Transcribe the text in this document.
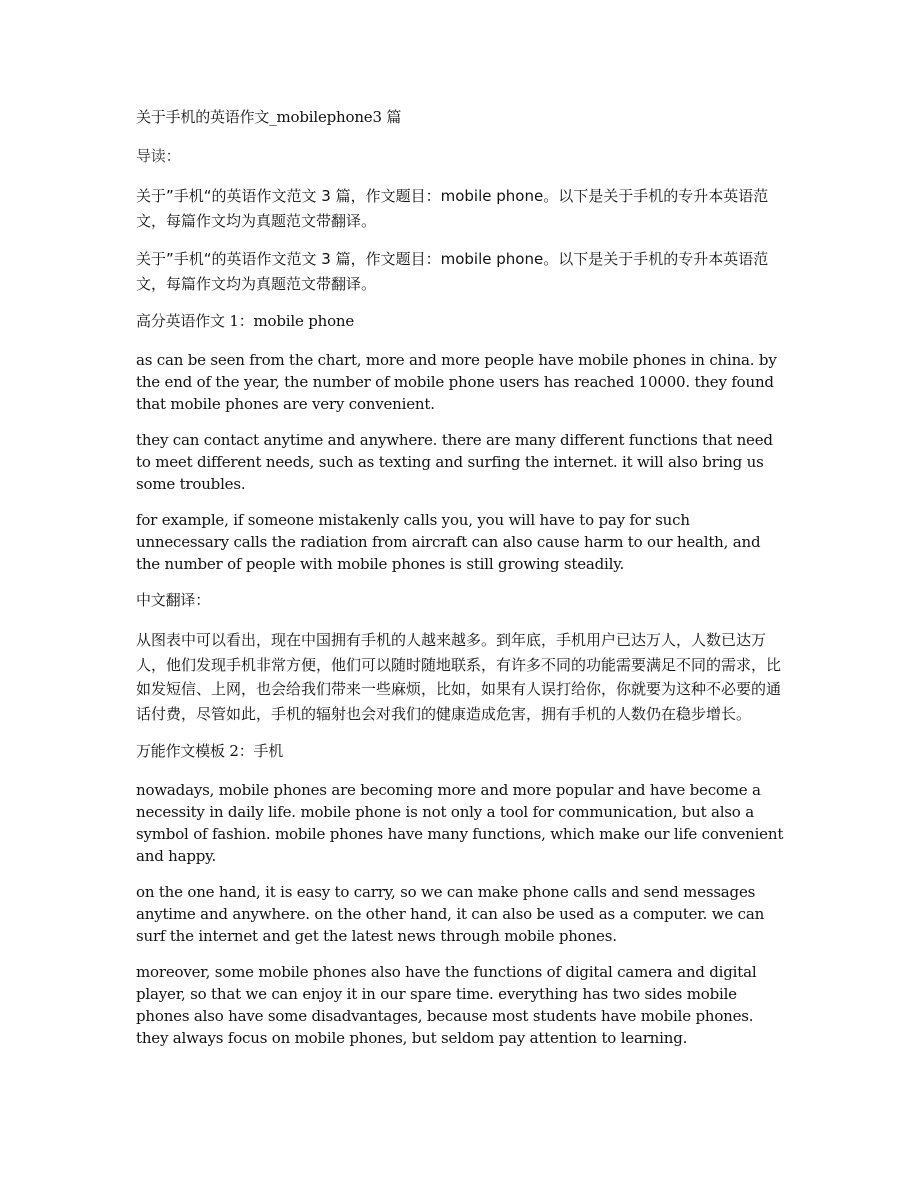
关于手机的英语作文_mobilephone3 篇

导读：

关于”手机“的英语作文范文 3 篇，作文题目：mobile phone。以下是关于手机的专升本英语范文，每篇作文均为真题范文带翻译。

关于”手机“的英语作文范文 3 篇，作文题目：mobile phone。以下是关于手机的专升本英语范文，每篇作文均为真题范文带翻译。

高分英语作文 1：mobile phone

as can be seen from the chart, more and more people have mobile phones in china. by the end of the year, the number of mobile phone users has reached 10000. they found that mobile phones are very convenient.

they can contact anytime and anywhere. there are many different functions that need to meet different needs, such as texting and surfing the internet. it will also bring us some troubles.

for example, if someone mistakenly calls you, you will have to pay for such unnecessary calls the radiation from aircraft can also cause harm to our health, and the number of people with mobile phones is still growing steadily.

中文翻译：

从图表中可以看出，现在中国拥有手机的人越来越多。到年底，手机用户已达万人，人数已达万人，他们发现手机非常方便，他们可以随时随地联系，有许多不同的功能需要满足不同的需求，比如发短信、上网，也会给我们带来一些麻烦，比如，如果有人误打给你，你就要为这种不必要的通话付费，尽管如此，手机的辐射也会对我们的健康造成危害，拥有手机的人数仍在稳步增长。

万能作文模板 2：手机

nowadays, mobile phones are becoming more and more popular and have become a necessity in daily life. mobile phone is not only a tool for communication, but also a symbol of fashion. mobile phones have many functions, which make our life convenient and happy.

on the one hand, it is easy to carry, so we can make phone calls and send messages anytime and anywhere. on the other hand, it can also be used as a computer. we can surf the internet and get the latest news through mobile phones.

moreover, some mobile phones also have the functions of digital camera and digital player, so that we can enjoy it in our spare time. everything has two sides mobile phones also have some disadvantages, because most students have mobile phones. they always focus on mobile phones, but seldom pay attention to learning.
